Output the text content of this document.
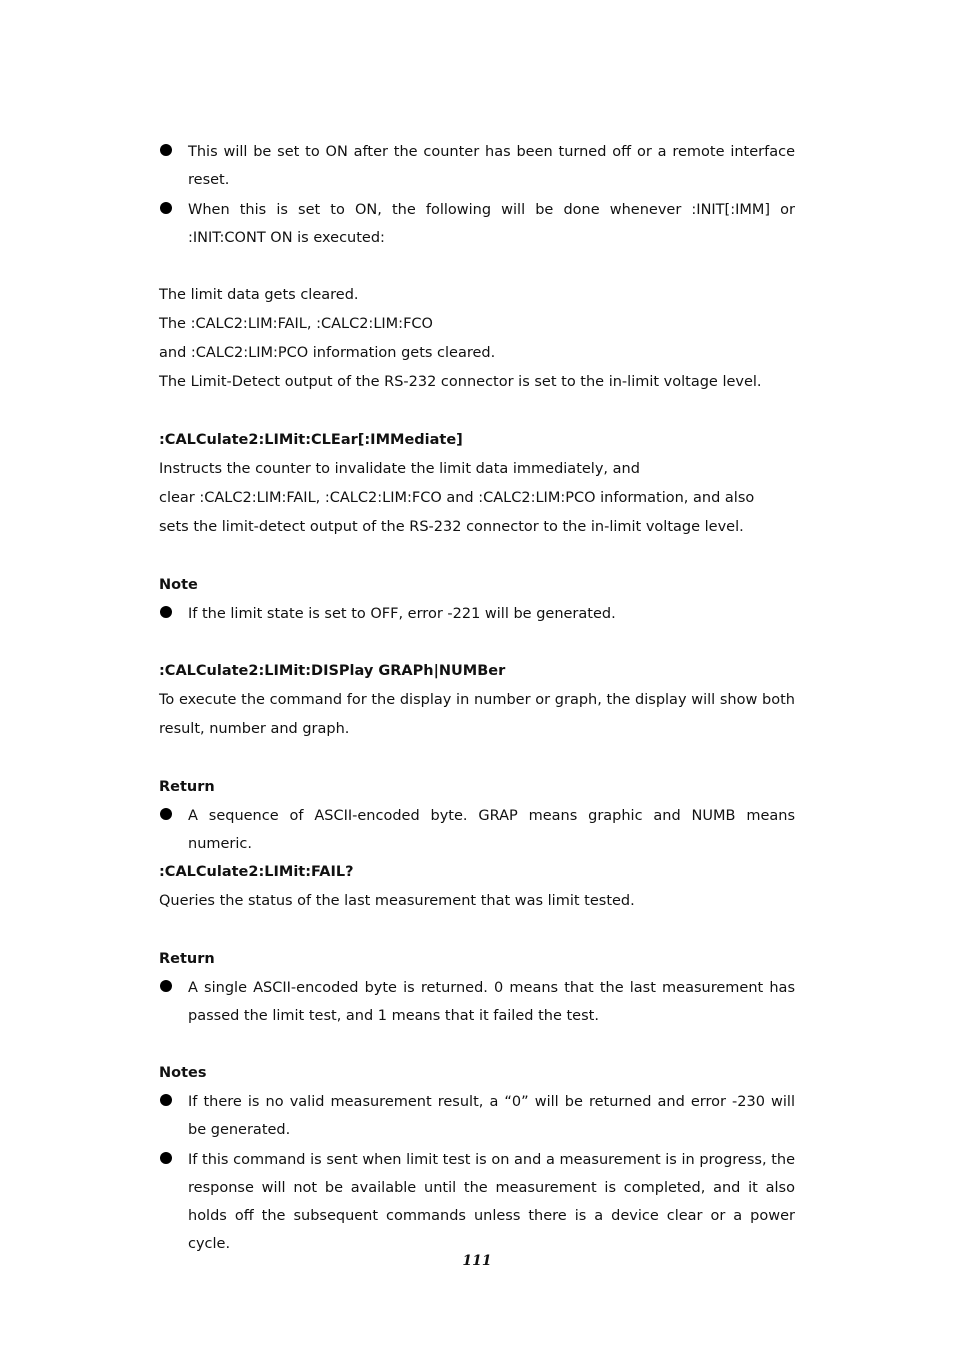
This will be set to ON after the counter has been turned off or a remote interface reset.
When this is set to ON, the following will be done whenever :INIT[:IMM] or :INIT:CONT ON is executed:
The limit data gets cleared.
The :CALC2:LIM:FAIL, :CALC2:LIM:FCO
and :CALC2:LIM:PCO information gets cleared.
The Limit-Detect output of the RS-232 connector is set to the in-limit voltage level.
:CALCulate2:LIMit:CLEar[:IMMediate]
Instructs the counter to invalidate the limit data immediately, and
clear :CALC2:LIM:FAIL, :CALC2:LIM:FCO and :CALC2:LIM:PCO information, and also
sets the limit-detect output of the RS-232 connector to the in-limit voltage level.
Note
If the limit state is set to OFF, error -221 will be generated.
:CALCulate2:LIMit:DISPlay GRAPh|NUMBer
To execute the command for the display in number or graph, the display will show both result, number and graph.
Return
A sequence of ASCII-encoded byte. GRAP means graphic and NUMB means numeric.
:CALCulate2:LIMit:FAIL?
Queries the status of the last measurement that was limit tested.
Return
A single ASCII-encoded byte is returned. 0 means that the last measurement has passed the limit test, and 1 means that it failed the test.
Notes
If there is no valid measurement result, a “0” will be returned and error -230 will be generated.
If this command is sent when limit test is on and a measurement is in progress, the response will not be available until the measurement is completed, and it also holds off the subsequent commands unless there is a device clear or a power cycle.
111
